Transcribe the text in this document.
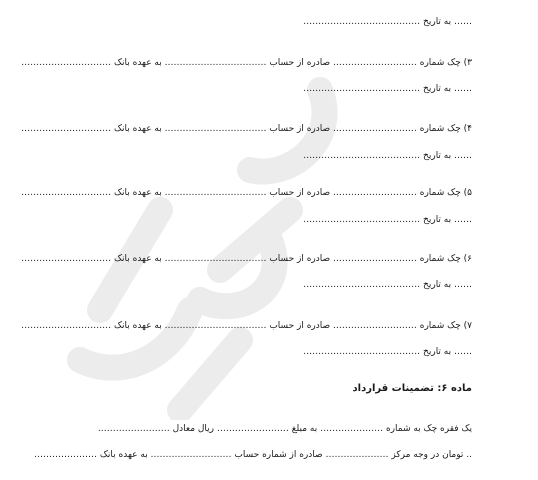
…… به تاریخ …………………………………
۳) چک شماره ………………………. صادره از حساب ……………………………. به عهده بانک …………………………
…… به تاریخ …………………………………
۴) چک شماره ………………………. صادره از حساب ……………………………. به عهده بانک …………………………
…… به تاریخ …………………………………
۵) چک شماره ………………………. صادره از حساب ……………………………. به عهده بانک …………………………
…… به تاریخ …………………………………
۶) چک شماره ………………………. صادره از حساب ……………………………. به عهده بانک …………………………
…… به تاریخ …………………………………
۷) چک شماره ………………………. صادره از حساب ……………………………. به عهده بانک …………………………
…… به تاریخ …………………………………
ماده ۶: تضمینات قرارداد
یک فقره چک به شماره ………………… به مبلغ …………………… ریال معادل ……………………
.. تومان در وجه مرکز ………………… صادره از شماره حساب ……………………… به عهده بانک …………………
